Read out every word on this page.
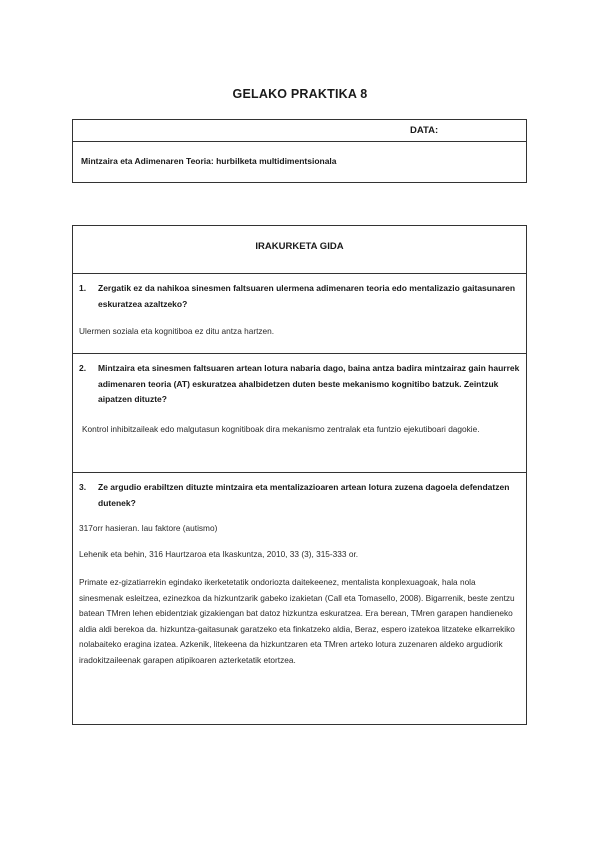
GELAKO PRAKTIKA 8
DATA:
Mintzaira eta Adimenaren Teoria: hurbilketa multidimentsionala
IRAKURKETA GIDA
1. Zergatik ez da nahikoa sinesmen faltsuaren ulermena adimenaren teoria edo mentalizazio gaitasunaren eskuratzea azaltzeko?
Ulermen soziala eta kognitiboa ez ditu antza hartzen.
2. Mintzaira eta sinesmen faltsuaren artean lotura nabaria dago, baina antza badira mintzairaz gain haurrek adimenaren teoria (AT) eskuratzea ahalbidetzen duten beste mekanismo kognitibo batzuk. Zeintzuk aipatzen dituzte?
Kontrol inhibitzaileak edo malgutasun kognitiboak dira mekanismo zentralak eta funtzio ejekutiboari dagokie.
3. Ze argudio erabiltzen dituzte mintzaira eta mentalizazioaren artean lotura zuzena dagoela defendatzen dutenek?
317orr hasieran. lau faktore (autismo)
Lehenik eta behin, 316 Haurtzaroa eta Ikaskuntza, 2010, 33 (3), 315-333 or.
Primate ez-gizatiarrekin egindako ikerketetatik ondoriozta daitekeenez, mentalista konplexuagoak, hala nola sinesmenak esleitzea, ezinezkoa da hizkuntzarik gabeko izakietan (Call eta Tomasello, 2008). Bigarrenik, beste zentzu batean TMren lehen ebidentziak gizakiengan bat datoz hizkuntza eskuratzea. Era berean, TMren garapen handieneko aldia aldi berekoa da. hizkuntza-gaitasunak garatzeko eta finkatzeko aldia, Beraz, espero izatekoa litzateke elkarrekiko nolabaiteko eragina izatea. Azkenik, litekeena da hizkuntzaren eta TMren arteko lotura zuzenaren aldeko argudiorik iradokitzaileenak garapen atipikoaren azterketatik etortzea.
